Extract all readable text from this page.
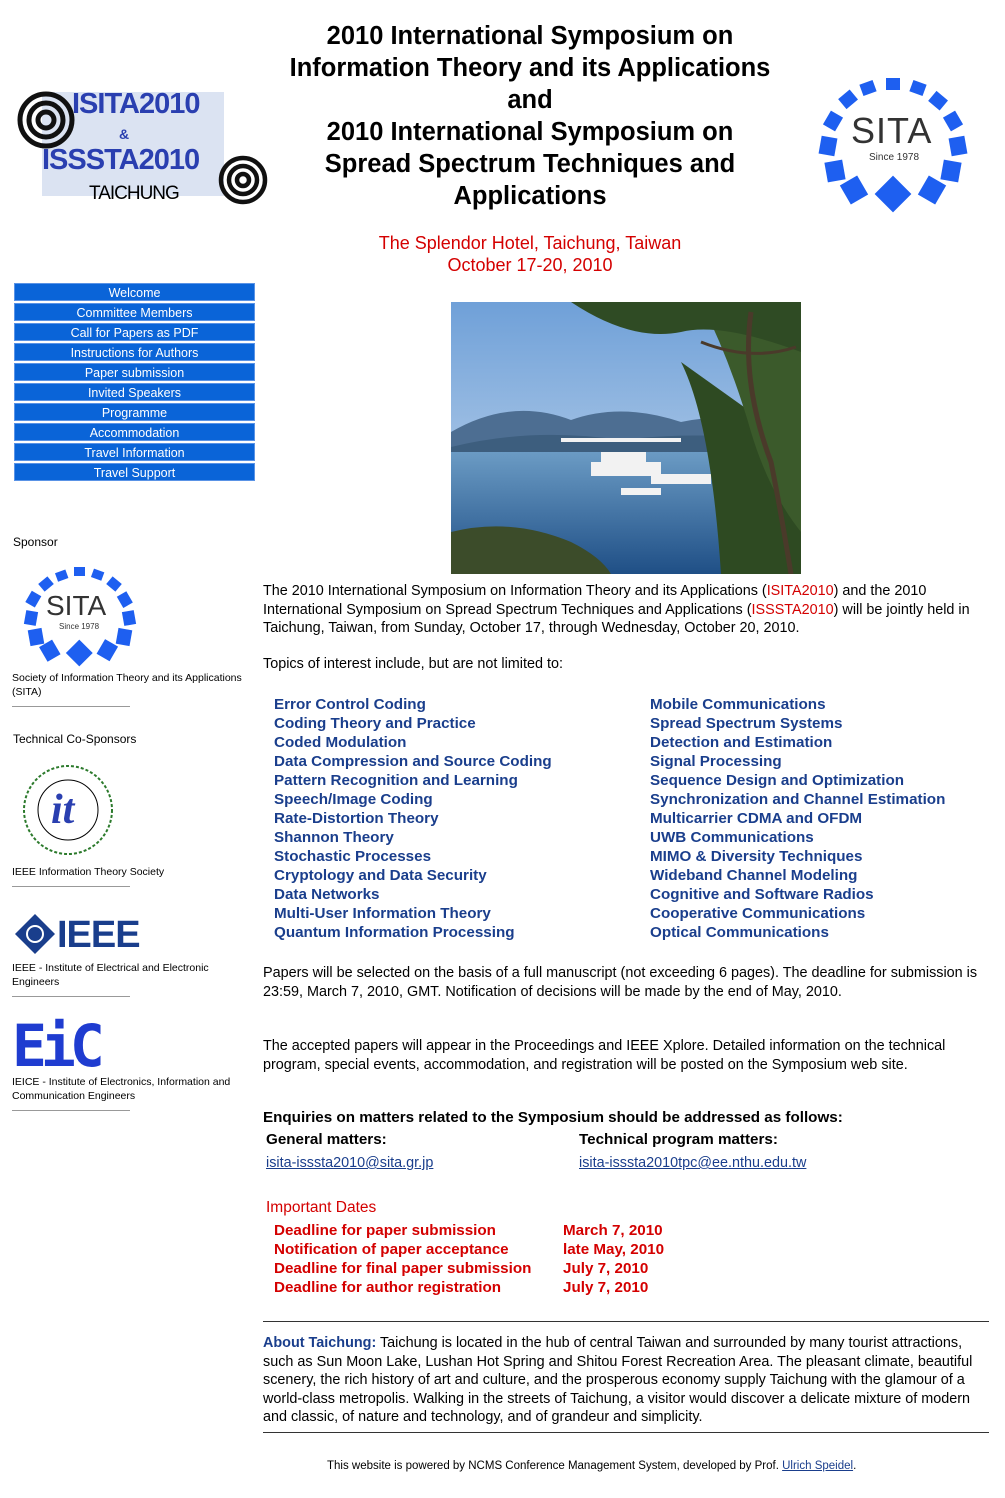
ISITA2010
&
ISSSTA2010
TAICHUNG
2010 International Symposium on
Information Theory and its Applications
and
2010 International Symposium on
Spread Spectrum Techniques and
Applications
The Splendor Hotel, Taichung, Taiwan
October 17-20, 2010
SITA
Since 1978
Welcome
Committee Members
Call for Papers as PDF
Instructions for Authors
Paper submission
Invited Speakers
Programme
Accommodation
Travel Information
Travel Support
Sponsor
SITA
Since 1978
Society of Information Theory and its Applications (SITA)
Technical Co-Sponsors
it
IEEE Information Theory Society
IEEE
IEEE - Institute of Electrical and Electronic Engineers
EiC
IEICE - Institute of Electronics, Information and Communication Engineers
The 2010 International Symposium on Information Theory and its Applications (ISITA2010) and the 2010 International Symposium on Spread Spectrum Techniques and Applications (ISSSTA2010) will be jointly held in Taichung, Taiwan, from Sunday, October 17, through Wednesday, October 20, 2010.
Topics of interest include, but are not limited to:
Error Control Coding
Coding Theory and Practice
Coded Modulation
Data Compression and Source Coding
Pattern Recognition and Learning
Speech/Image Coding
Rate-Distortion Theory
Shannon Theory
Stochastic Processes
Cryptology and Data Security
Data Networks
Multi-User Information Theory
Quantum Information Processing
Mobile Communications
Spread Spectrum Systems
Detection and Estimation
Signal Processing
Sequence Design and Optimization
Synchronization and Channel Estimation
Multicarrier CDMA and OFDM
UWB Communications
MIMO & Diversity Techniques
Wideband Channel Modeling
Cognitive and Software Radios
Cooperative Communications
Optical Communications
Papers will be selected on the basis of a full manuscript (not exceeding 6 pages). The deadline for submission is 23:59, March 7, 2010, GMT. Notification of decisions will be made by the end of May, 2010.
The accepted papers will appear in the Proceedings and IEEE Xplore. Detailed information on the technical program, special events, accommodation, and registration will be posted on the Symposium web site.
Enquiries on matters related to the Symposium should be addressed as follows:
General matters:	Technical program matters:
isita-isssta2010@sita.gr.jp	isita-isssta2010tpc@ee.nthu.edu.tw
Important Dates
Deadline for paper submission
Notification of paper acceptance
Deadline for final paper submission
Deadline for author registration
March 7, 2010
late May, 2010
July 7, 2010
July 7, 2010
About Taichung: Taichung is located in the hub of central Taiwan and surrounded by many tourist attractions, such as Sun Moon Lake, Lushan Hot Spring and Shitou Forest Recreation Area. The pleasant climate, beautiful scenery, the rich history of art and culture, and the prosperous economy supply Taichung with the glamour of a world-class metropolis. Walking in the streets of Taichung, a visitor would discover a delicate mixture of modern and classic, of nature and technology, and of grandeur and simplicity.
This website is powered by NCMS Conference Management System, developed by Prof. Ulrich Speidel.
